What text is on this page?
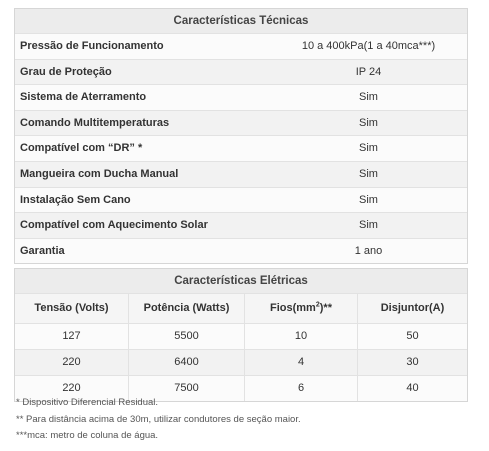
Características Técnicas
Pressão de Funcionamento	10 a 400kPa(1 a 40mca***)
Grau de Proteção	IP 24
Sistema de Aterramento	Sim
Comando Multitemperaturas	Sim
Compatível com “DR” *	Sim
Mangueira com Ducha Manual	Sim
Instalação Sem Cano	Sim
Compatível com Aquecimento Solar	Sim
Garantia	1 ano
Características Elétricas
Tensão (Volts)	Potência (Watts)	$Fios(mm^2)**$	Disjuntor(A)
127	5500	10	50
220	6400	4	30
220	7500	6	40
* Dispositivo Diferencial Residual.
** Para distância acima de 30m, utilizar condutores de seção maior.
***mca: metro de coluna de água.
